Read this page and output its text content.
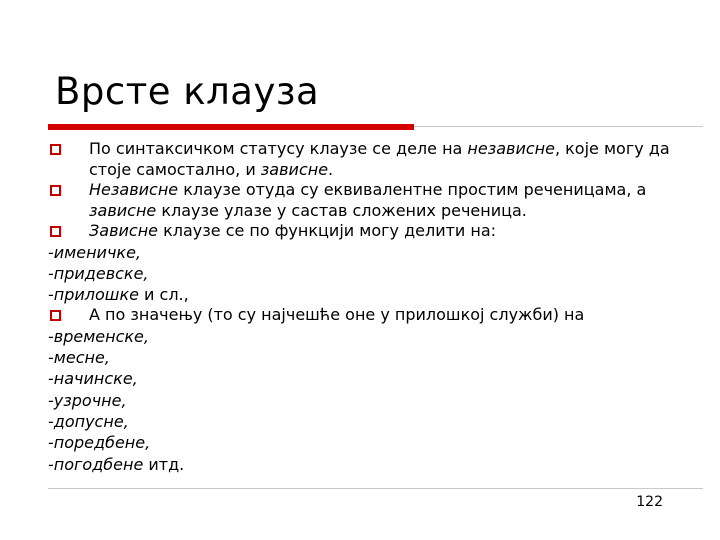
Врсте клауза
По синтаксичком статусу клаузе се деле на независне, које могу да стоје самостално, и зависне.
Независне клаузе отуда су еквивалентне простим реченицама, а зависне клаузе улазе у састав сложених реченица.
Зависне клаузе се по функцији могу делити на:
-именичке,
-придевске,
-прилошке и сл.,
А по значењу (то су најчешће оне у прилошкој служби) на
-временске,
-месне,
-начинске,
-узрочне,
-допусне,
-поредбене,
-погодбене итд.
122
